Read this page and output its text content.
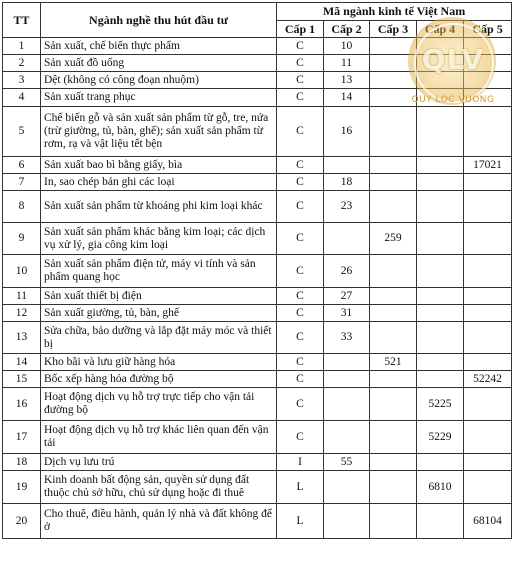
TT	Ngành nghề thu hút đầu tư	Mã ngành kinh tế Việt Nam				
		Cấp 1	Cấp 2	Cấp 3	Cấp 4	Cấp 5
1	Sản xuất, chế biến thực phẩm	C	10			
2	Sản xuất đồ uống	C	11			
3	Dệt (không có công đoạn nhuộm)	C	13			
4	Sản xuất trang phục	C	14			
5	Chế biến gỗ và sản xuất sản phẩm từ gỗ, tre, nứa (trừ giường, tủ, bàn, ghế); sản xuất sản phẩm từ rơm, rạ và vật liệu tết bện	C	16			
6	Sản xuất bao bì bằng giấy, bìa	C				17021
7	In, sao chép bản ghi các loại	C	18			
8	Sản xuất sản phẩm từ khoáng phi kim loại khác	C	23			
9	Sản xuất sản phẩm khác bằng kim loại; các dịch vụ xử lý, gia công kim loại	C		259		
10	Sản xuất sản phẩm điện tử, máy vi tính và sản phẩm quang học	C	26			
11	Sản xuất thiết bị điện	C	27			
12	Sản xuất giường, tủ, bàn, ghế	C	31			
13	Sửa chữa, bảo dưỡng và lắp đặt máy móc và thiết bị	C	33			
14	Kho bãi và lưu giữ hàng hóa	C		521		
15	Bốc xếp hàng hóa đường bộ	C				52242
16	Hoạt động dịch vụ hỗ trợ trực tiếp cho vận tải đường bộ	C			5225	
17	Hoạt động dịch vụ hỗ trợ khác liên quan đến vận tải	C			5229	
18	Dịch vụ lưu trú	I	55			
19	Kinh doanh bất động sản, quyền sử dụng đất thuộc chủ sở hữu, chủ sử dụng hoặc đi thuê	L			6810	
20	Cho thuê, điều hành, quản lý nhà và đất không để ở	L				68104
QLV
QUY LOC VUONG
